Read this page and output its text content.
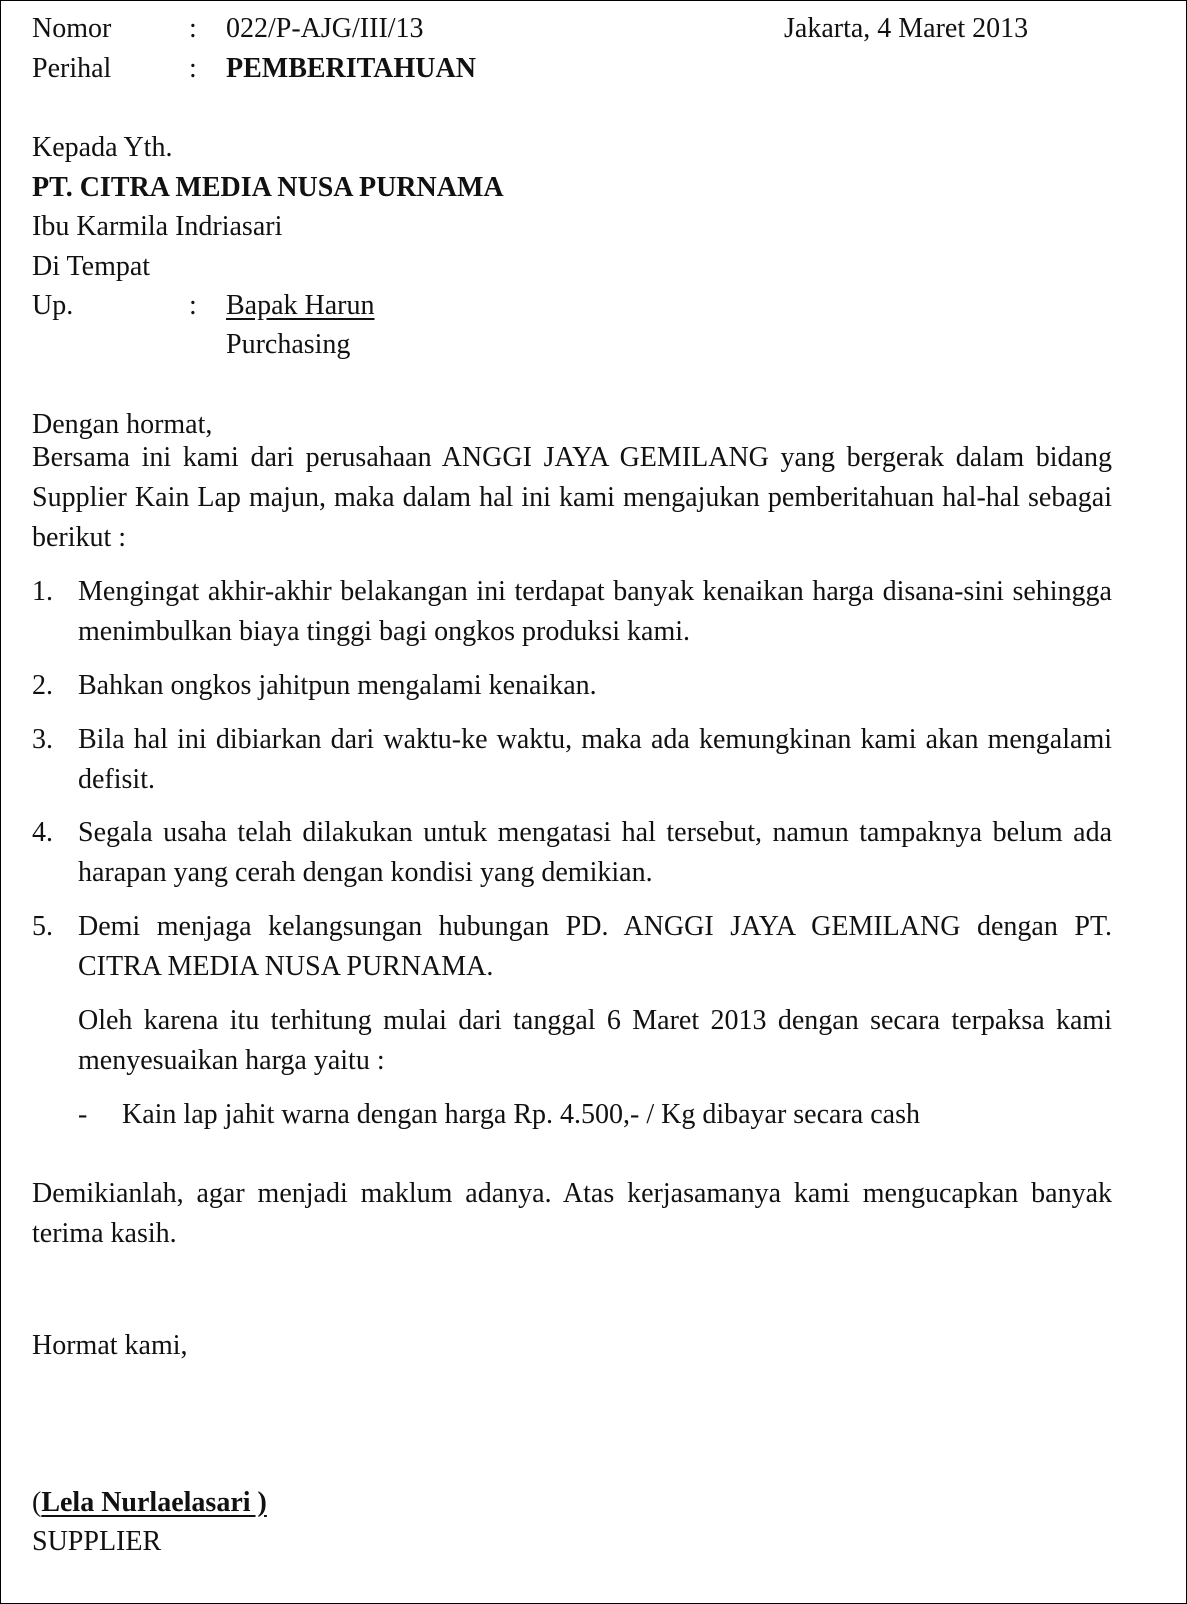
Nomor	: 022/P-AJG/III/13	Jakarta, 4 Maret 2013
Perihal	: PEMBERITAHUAN
Kepada Yth.
PT. CITRA MEDIA NUSA PURNAMA
Ibu Karmila Indriasari
Di Tempat
Up.	: Bapak Harun
Purchasing
Dengan hormat,
Bersama ini kami dari perusahaan ANGGI JAYA GEMILANG yang bergerak dalam bidang Supplier Kain Lap majun, maka dalam hal ini kami mengajukan pemberitahuan hal-hal sebagai berikut :
1. Mengingat akhir-akhir belakangan ini terdapat banyak kenaikan harga disana-sini sehingga menimbulkan biaya tinggi bagi ongkos produksi kami.
2. Bahkan ongkos jahitpun mengalami kenaikan.
3. Bila hal ini dibiarkan dari waktu-ke waktu, maka ada kemungkinan kami akan mengalami defisit.
4. Segala usaha telah dilakukan untuk mengatasi hal tersebut, namun tampaknya belum ada harapan yang cerah dengan kondisi yang demikian.
5. Demi menjaga kelangsungan hubungan PD. ANGGI JAYA GEMILANG dengan PT. CITRA MEDIA NUSA PURNAMA.
Oleh karena itu terhitung mulai dari tanggal 6 Maret 2013 dengan secara terpaksa kami menyesuaikan harga yaitu :
- Kain lap jahit warna dengan harga Rp. 4.500,- / Kg dibayar secara cash
Demikianlah, agar menjadi maklum adanya. Atas kerjasamanya kami mengucapkan banyak terima kasih.
Hormat kami,
(Lela Nurlaelasari )
SUPPLIER
